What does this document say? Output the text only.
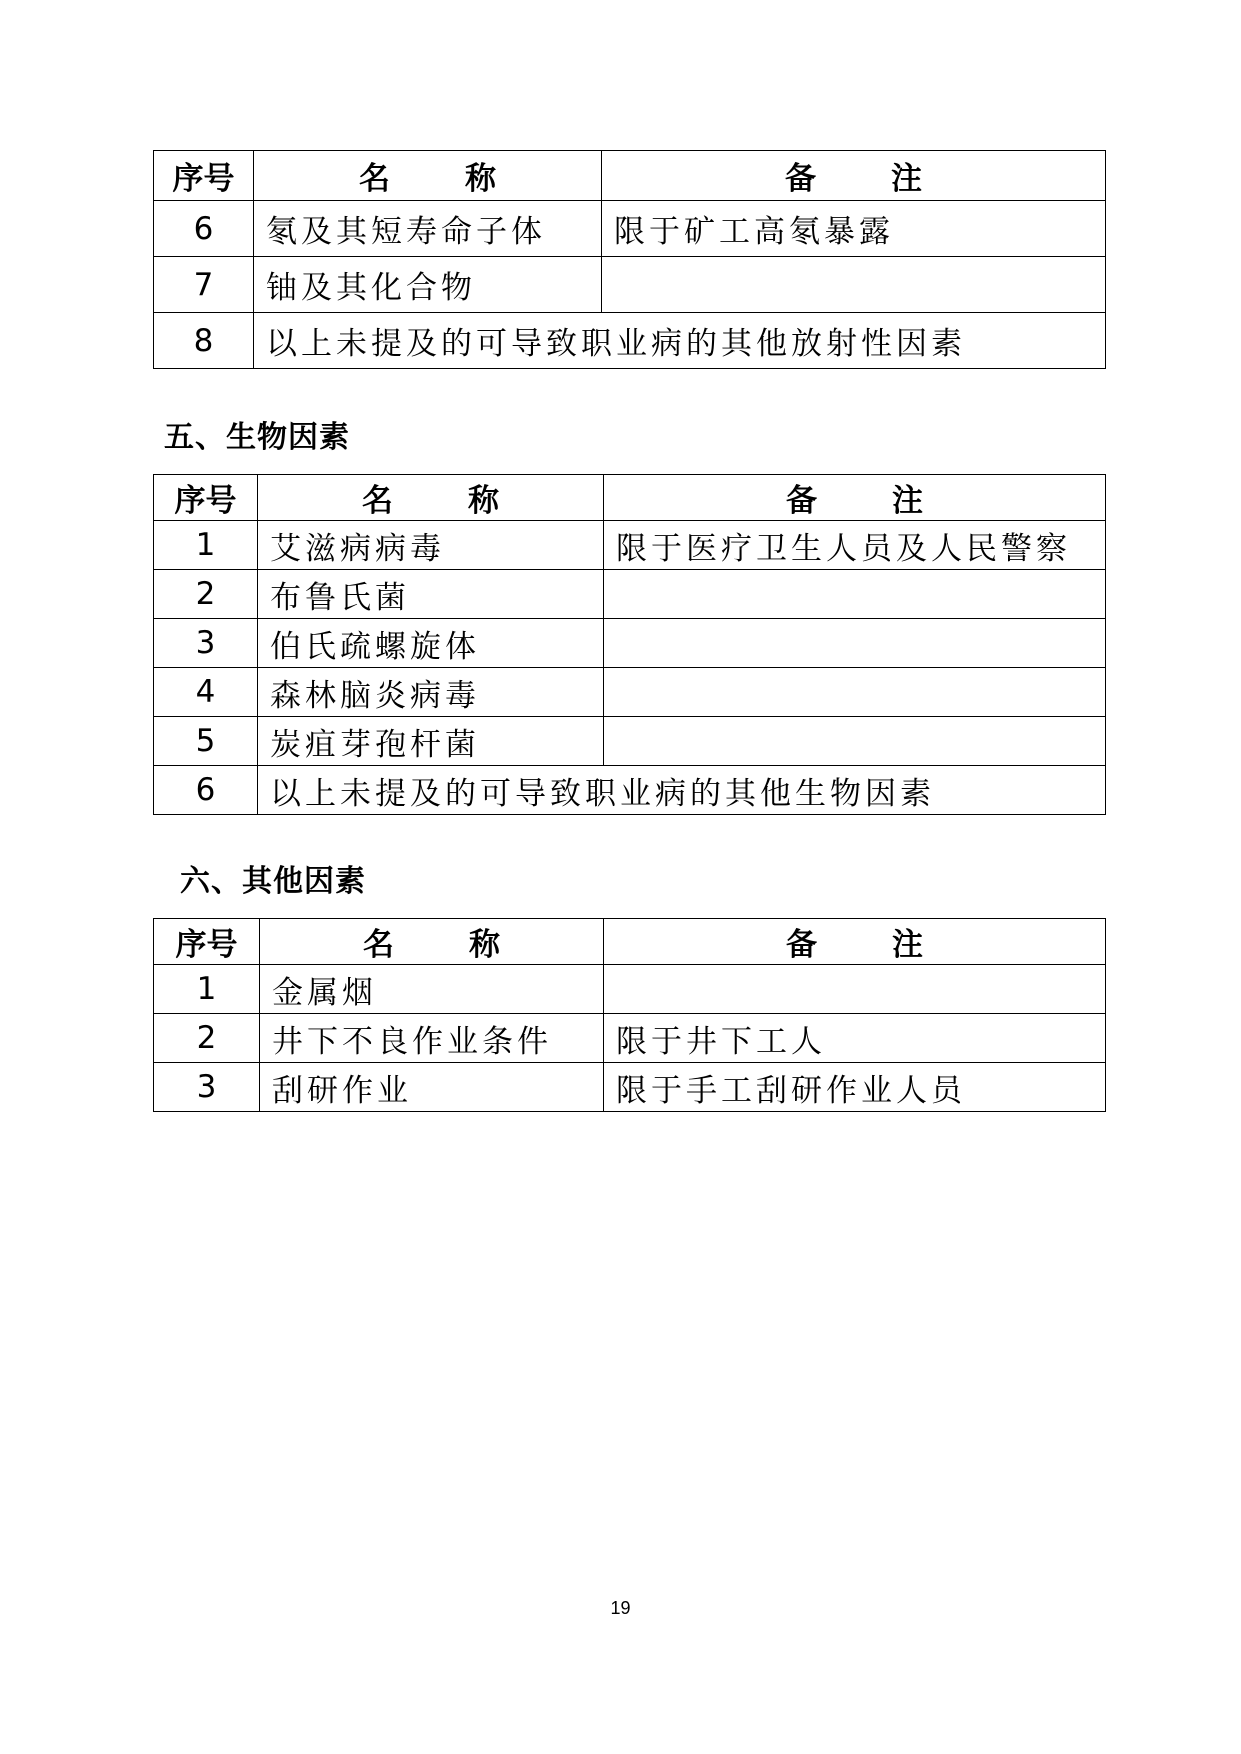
序号	名 称	备 注
6	氡及其短寿命子体	限于矿工高氡暴露
7	铀及其化合物	
8	以上未提及的可导致职业病的其他放射性因素	
五、生物因素
序号	名 称	备 注
1	艾滋病病毒	限于医疗卫生人员及人民警察
2	布鲁氏菌	
3	伯氏疏螺旋体	
4	森林脑炎病毒	
5	炭疽芽孢杆菌	
6	以上未提及的可导致职业病的其他生物因素	
六、其他因素
序号	名 称	备 注
1	金属烟	
2	井下不良作业条件	限于井下工人
3	刮研作业	限于手工刮研作业人员
19
